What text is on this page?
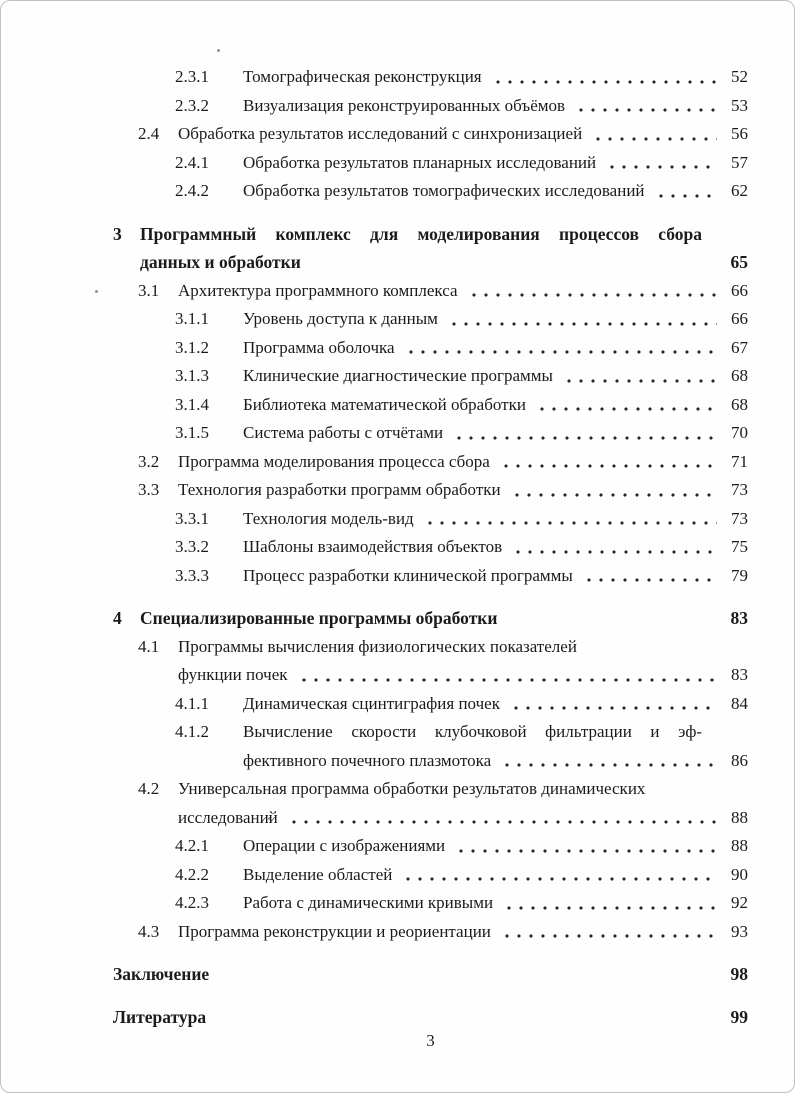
2.3.1	Томографическая реконструкция	52
2.3.2	Визуализация реконструированных объёмов	53
2.4	Обработка результатов исследований с синхронизацией	56
2.4.1	Обработка результатов планарных исследований	57
2.4.2	Обработка результатов томографических исследований	62
3	Программный комплекс для моделирования процессов сбора
данных и обработки	65
3.1	Архитектура программного комплекса	66
3.1.1	Уровень доступа к данным	66
3.1.2	Программа оболочка	67
3.1.3	Клинические диагностические программы	68
3.1.4	Библиотека математической обработки	68
3.1.5	Система работы с отчётами	70
3.2	Программа моделирования процесса сбора	71
3.3	Технология разработки программ обработки	73
3.3.1	Технология модель-вид	73
3.3.2	Шаблоны взаимодействия объектов	75
3.3.3	Процесс разработки клинической программы	79
4	Специализированные программы обработки	83
4.1	Программы вычисления физиологических показателей
функции почек	83
4.1.1	Динамическая сцинтиграфия почек	84
4.1.2	Вычисление скорости клубочковой фильтрации и эф-
фективного почечного плазмотока	86
4.2	Универсальная программа обработки результатов динамических
исследований	88
4.2.1	Операции с изображениями	88
4.2.2	Выделение областей	90
4.2.3	Работа с динамическими кривыми	92
4.3	Программа реконструкции и реориентации	93
Заключение	98
Литература	99
3
